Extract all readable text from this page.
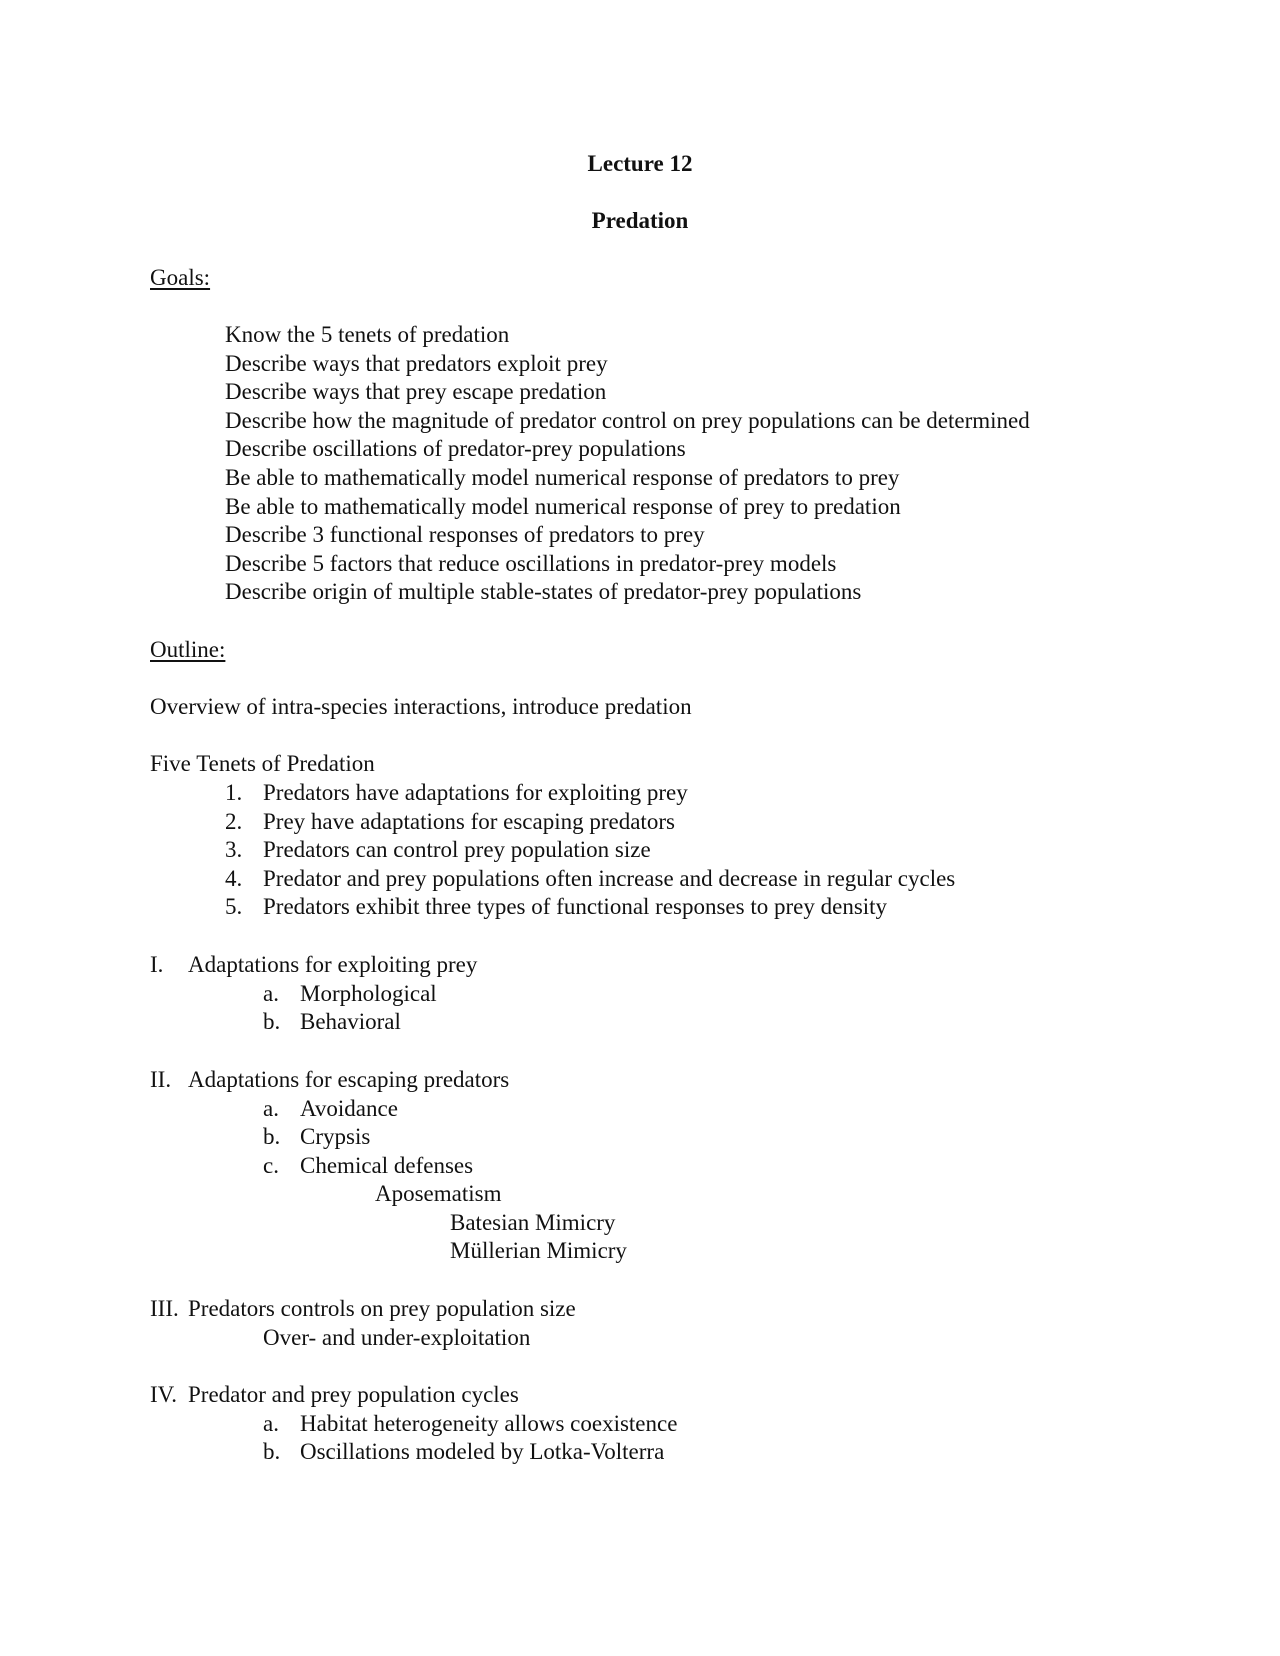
Lecture 12
Predation
Goals:
Know the 5 tenets of predation
Describe ways that predators exploit prey
Describe ways that prey escape predation
Describe how the magnitude of predator control on prey populations can be determined
Describe oscillations of predator-prey populations
Be able to mathematically model numerical response of predators to prey
Be able to mathematically model numerical response of prey to predation
Describe 3 functional responses of predators to prey
Describe 5 factors that reduce oscillations in predator-prey models
Describe origin of multiple stable-states of predator-prey populations
Outline:
Overview of intra-species interactions, introduce predation
Five Tenets of Predation
1. Predators have adaptations for exploiting prey
2. Prey have adaptations for escaping predators
3. Predators can control prey population size
4. Predator and prey populations often increase and decrease in regular cycles
5. Predators exhibit three types of functional responses to prey density
I. Adaptations for exploiting prey
a. Morphological
b. Behavioral
II. Adaptations for escaping predators
a. Avoidance
b. Crypsis
c. Chemical defenses
Aposematism
Batesian Mimicry
Müllerian Mimicry
III. Predators controls on prey population size
Over- and under-exploitation
IV. Predator and prey population cycles
a. Habitat heterogeneity allows coexistence
b. Oscillations modeled by Lotka-Volterra
